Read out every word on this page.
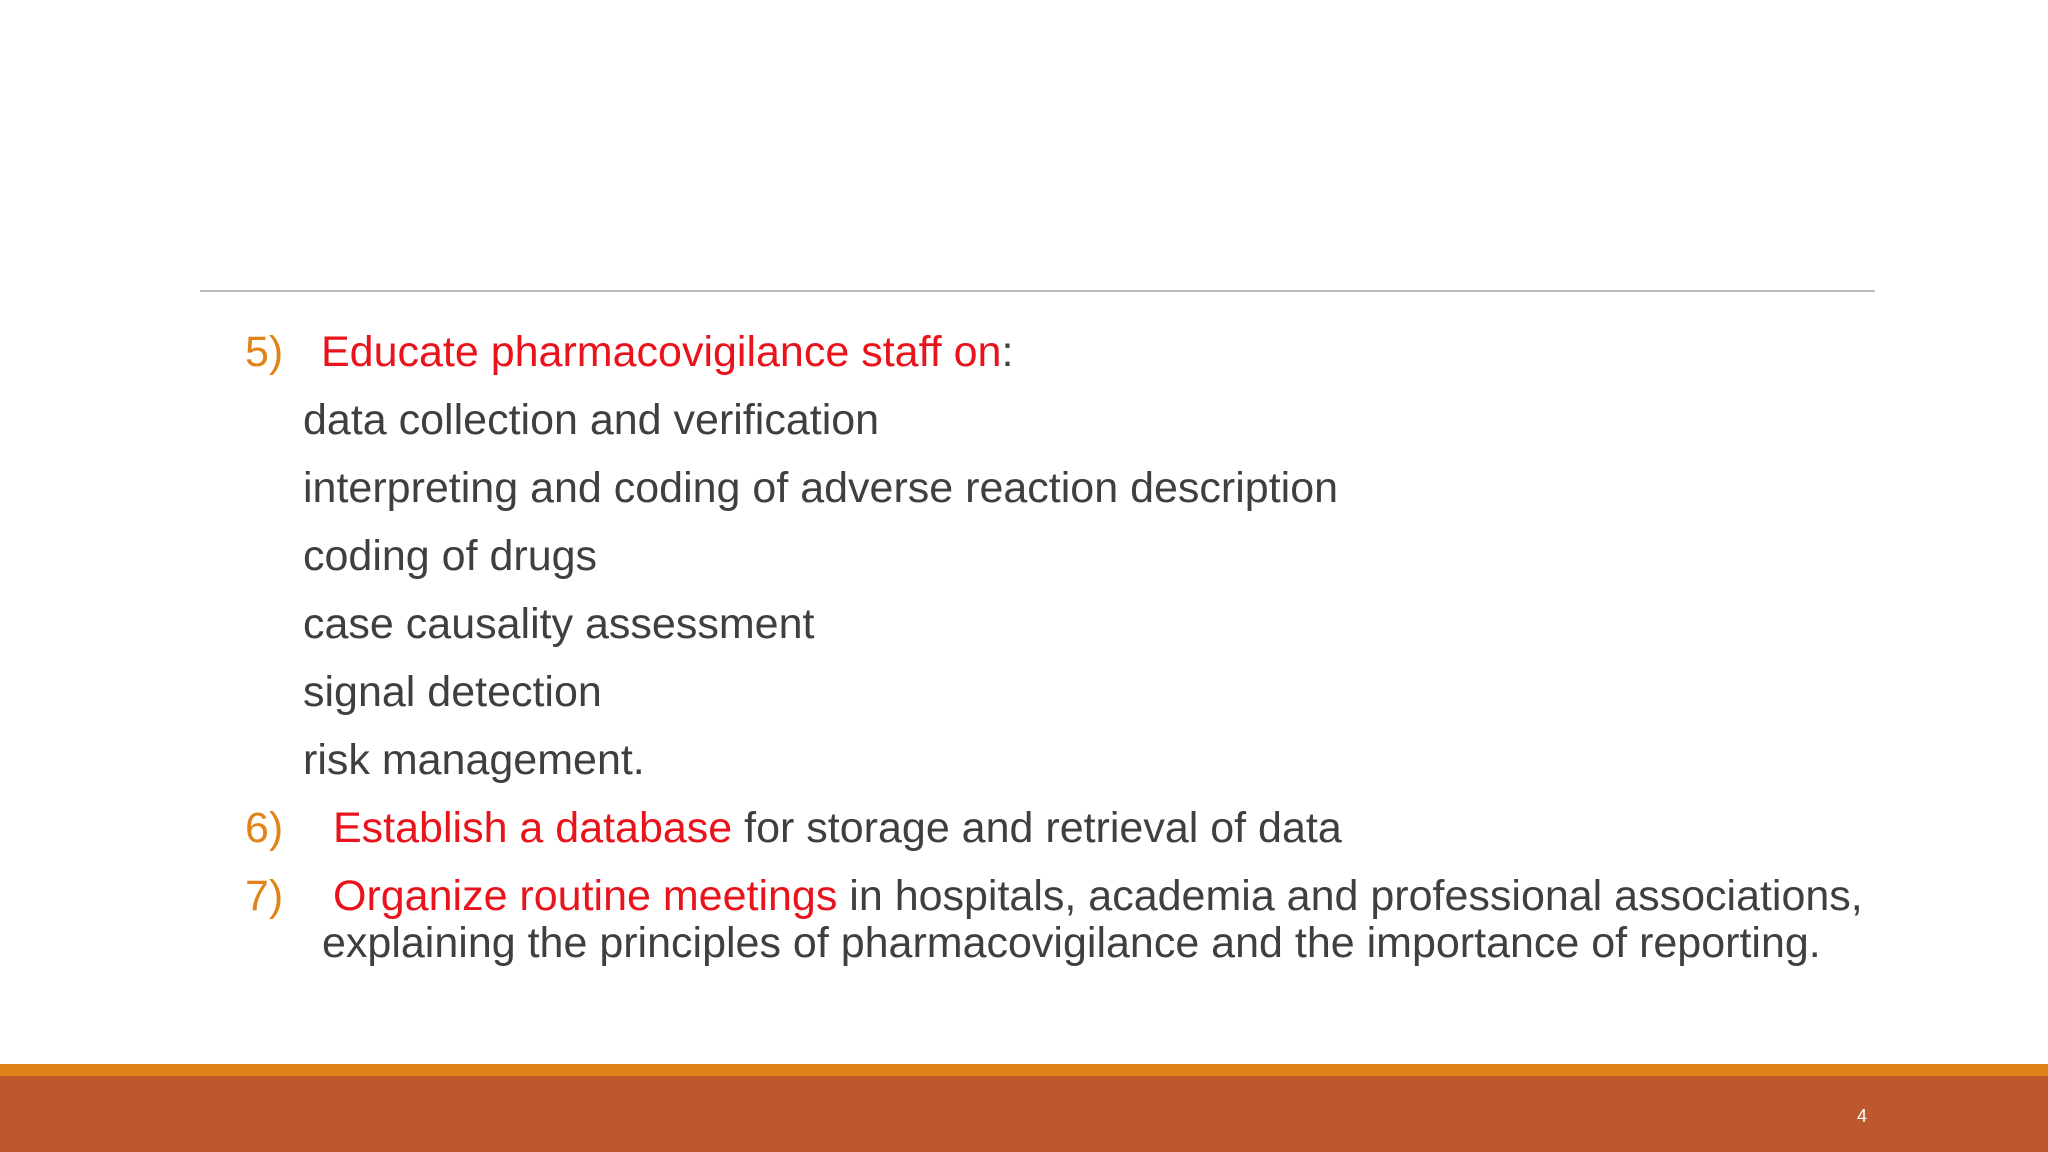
5) Educate pharmacovigilance staff on:
data collection and verification
interpreting and coding of adverse reaction description
coding of drugs
case causality assessment
signal detection
risk management.
6) Establish a database for storage and retrieval of data
7) Organize routine meetings in hospitals, academia and professional associations,
explaining the principles of pharmacovigilance and the importance of reporting.
4
